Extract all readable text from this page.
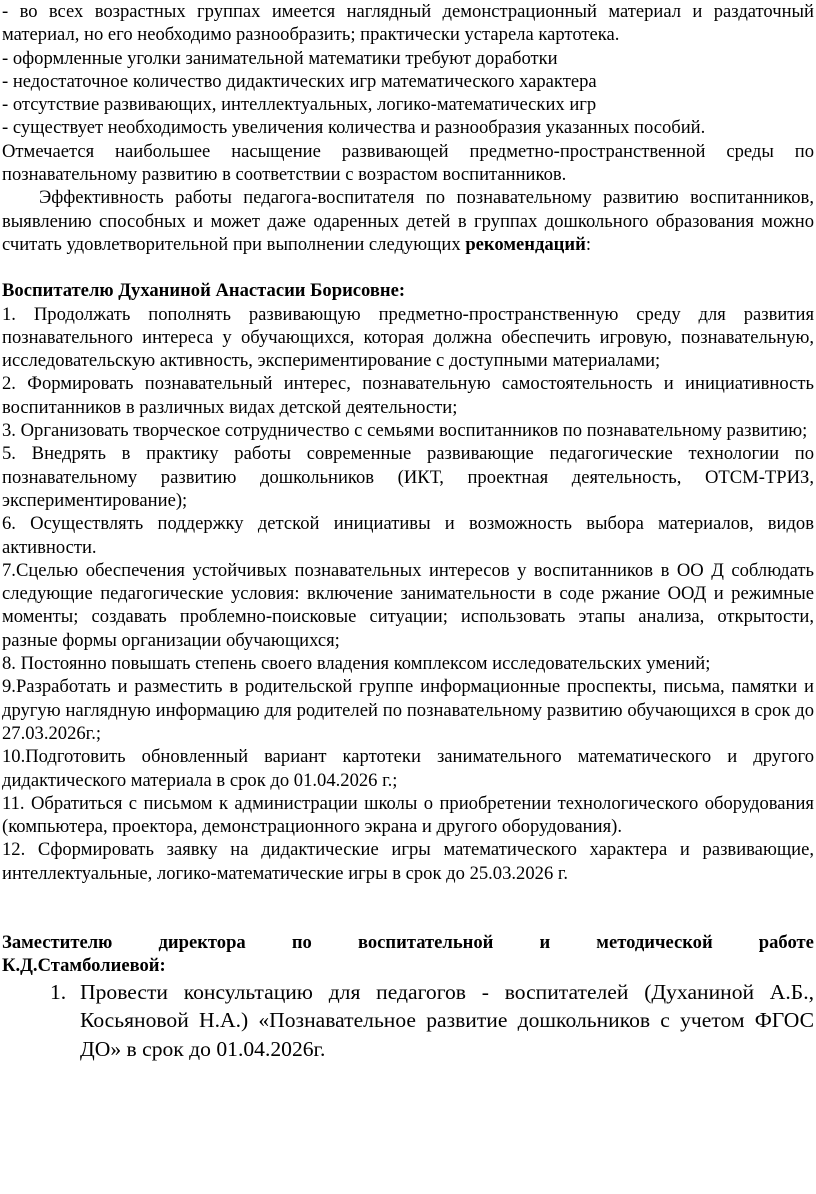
- во всех возрастных группах имеется наглядный демонстрационный материал и раздаточный материал, но его необходимо разнообразить; практически устарела картотека.

- оформленные уголки занимательной математики требуют доработки

- недостаточное количество дидактических игр математического характера

- отсутствие развивающих, интеллектуальных, логико-математических игр

- существует необходимость увеличения количества и разнообразия указанных пособий.

Отмечается наибольшее насыщение развивающей предметно-пространственной среды по познавательному развитию в соответствии с возрастом воспитанников.

Эффективность работы педагога-воспитателя по познавательному развитию воспитанников, выявлению способных и может даже одаренных детей в группах дошкольного образования можно считать удовлетворительной при выполнении следующих рекомендаций:

Воспитателю Духаниной Анастасии Борисовне:

1. Продолжать пополнять развивающую предметно-пространственную среду для развития познавательного интереса у обучающихся, которая должна обеспечить игровую, познавательную, исследовательскую активность, экспериментирование с доступными материалами;

2. Формировать познавательный интерес, познавательную самостоятельность и инициативность воспитанников в различных видах детской деятельности;

3. Организовать творческое сотрудничество с семьями воспитанников по познавательному развитию;

5. Внедрять в практику работы современные развивающие педагогические технологии по познавательному развитию дошкольников (ИКТ, проектная деятельность, ОТСМ-ТРИЗ, экспериментирование);

6. Осуществлять поддержку детской инициативы и возможность выбора материалов, видов активности.

7.Сцелью обеспечения устойчивых познавательных интересов у воспитанников в ОО Д соблюдать следующие педагогические условия: включение занимательности в соде ржание ООД и режимные моменты; создавать проблемно-поисковые ситуации; использовать этапы анализа, открытости, разные формы организации обучающихся;

8. Постоянно повышать степень своего владения комплексом исследовательских умений;

9.Разработать и разместить в родительской группе информационные проспекты, письма, памятки и другую наглядную информацию для родителей по познавательному развитию обучающихся в срок до 27.03.2026г.;

10.Подготовить обновленный вариант картотеки занимательного математического и другого дидактического материала в срок до 01.04.2026 г.;

11. Обратиться с письмом к администрации школы о приобретении технологического оборудования (компьютера, проектора, демонстрационного экрана и другого оборудования).

12. Сформировать заявку на дидактические игры математического характера и развивающие, интеллектуальные, логико-математические игры в срок до 25.03.2026 г.

Заместителю директора по воспитательной и методической работе

К.Д.Стамболиевой:

1. Провести консультацию для педагогов - воспитателей (Духаниной А.Б., Косьяновой Н.А.) «Познавательное развитие дошкольников с учетом ФГОС ДО» в срок до 01.04.2026г.
